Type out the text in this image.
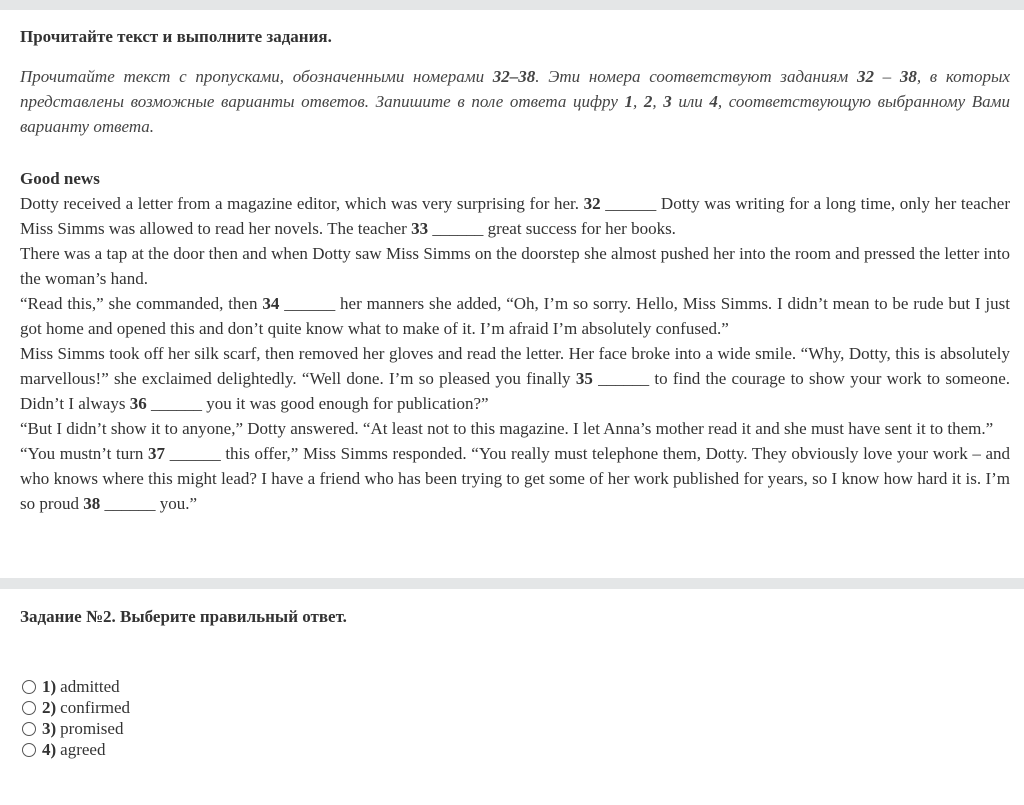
Прочитайте текст и выполните задания.

Прочитайте текст с пропусками, обозначенными номерами 32–38. Эти номера соответствуют заданиям 32 – 38, в которых представлены возможные варианты ответов. Запишите в поле ответа цифру 1, 2, 3 или 4, соответствующую выбранному Вами варианту ответа.

Good news

Dotty received a letter from a magazine editor, which was very surprising for her. 32 ______ Dotty was writing for a long time, only her teacher Miss Simms was allowed to read her novels. The teacher 33 ______ great success for her books.

There was a tap at the door then and when Dotty saw Miss Simms on the doorstep she almost pushed her into the room and pressed the letter into the woman’s hand.

“Read this,” she commanded, then 34 ______ her manners she added, “Oh, I’m so sorry. Hello, Miss Simms. I didn’t mean to be rude but I just got home and opened this and don’t quite know what to make of it. I’m afraid I’m absolutely confused.”

Miss Simms took off her silk scarf, then removed her gloves and read the letter. Her face broke into a wide smile. “Why, Dotty, this is absolutely marvellous!” she exclaimed delightedly. “Well done. I’m so pleased you finally 35 ______ to find the courage to show your work to someone. Didn’t I always 36 ______ you it was good enough for publication?”

“But I didn’t show it to anyone,” Dotty answered. “At least not to this magazine. I let Anna’s mother read it and she must have sent it to them.”

“You mustn’t turn 37 ______ this offer,” Miss Simms responded. “You really must telephone them, Dotty. They obviously love your work – and who knows where this might lead? I have a friend who has been trying to get some of her work published for years, so I know how hard it is. I’m so proud 38 ______ you.”

Задание №2. Выберите правильный ответ.

1) admitted
2) confirmed
3) promised
4) agreed
